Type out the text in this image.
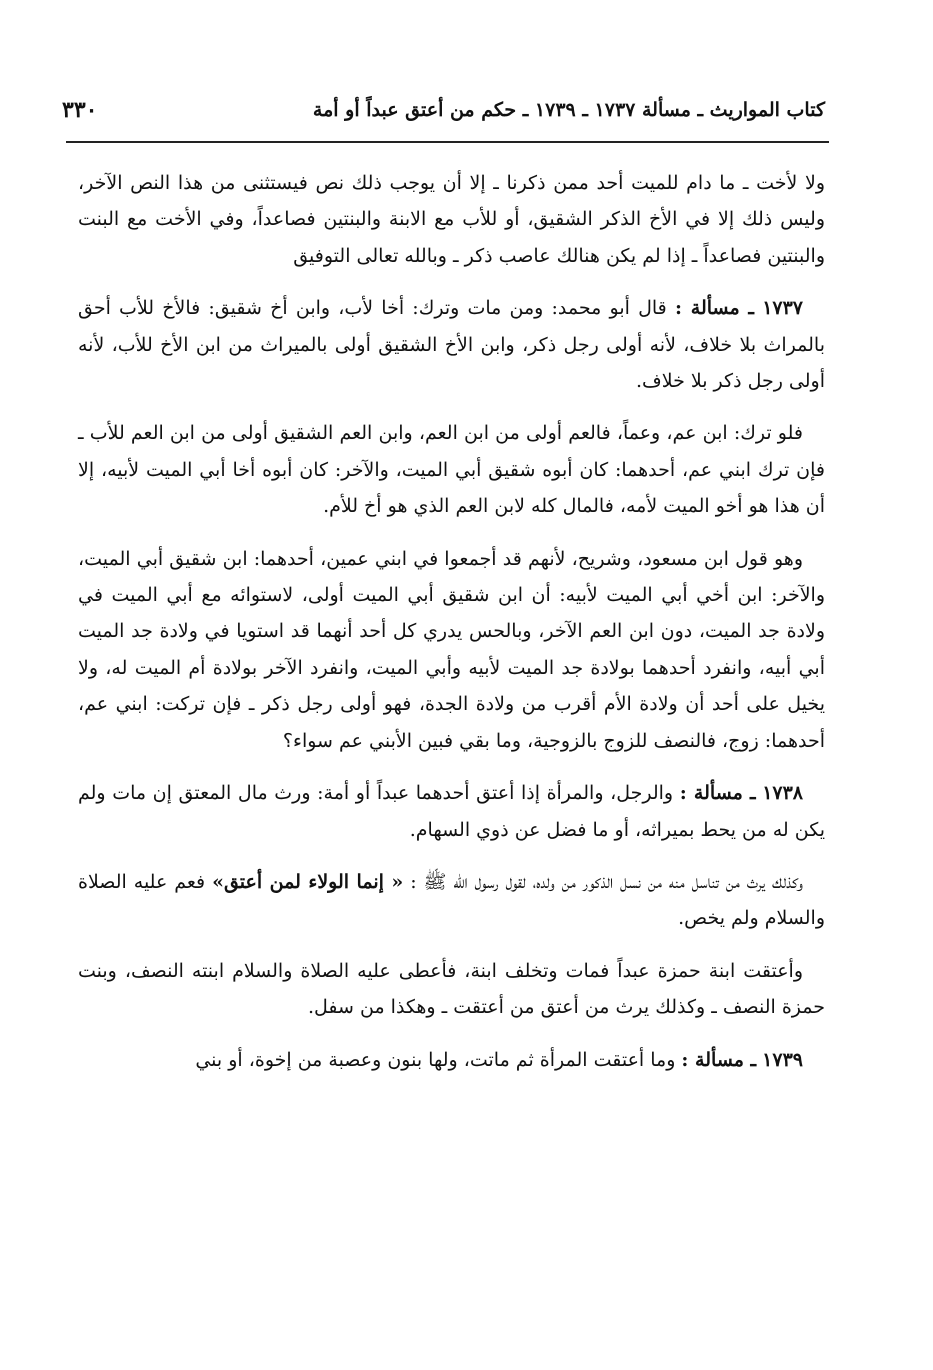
٣٣٠	كتاب المواريث ـ مسألة ١٧٣٧ ـ ١٧٣٩ ـ حكم من أعتق عبداً أو أمة

ولا لأخت ـ ما دام للميت أحد ممن ذكرنا ـ إلا أن يوجب ذلك نص فيستثنى من هذا النص الآخر، وليس ذلك إلا في الأخ الذكر الشقيق، أو للأب مع الابنة والبنتين فصاعداً، وفي الأخت مع البنت والبنتين فصاعداً ـ إذا لم يكن هنالك عاصب ذكر ـ وبالله تعالى التوفيق

١٧٣٧ ـ مسألة : قال أبو محمد: ومن مات وترك: أخا لأب، وابن أخ شقيق: فالأخ للأب أحق بالمراث بلا خلاف، لأنه أولى رجل ذكر، وابن الأخ الشقيق أولى بالميراث من ابن الأخ للأب، لأنه أولى رجل ذكر بلا خلاف.

فلو ترك: ابن عم، وعماً، فالعم أولى من ابن العم، وابن العم الشقيق أولى من ابن العم للأب ـ فإن ترك ابني عم، أحدهما: كان أبوه شقيق أبي الميت، والآخر: كان أبوه أخا أبي الميت لأبيه، إلا أن هذا هو أخو الميت لأمه، فالمال كله لابن العم الذي هو أخ للأم.

وهو قول ابن مسعود، وشريح، لأنهم قد أجمعوا في ابني عمين، أحدهما: ابن شقيق أبي الميت، والآخر: ابن أخي أبي الميت لأبيه: أن ابن شقيق أبي الميت أولى، لاستوائه مع أبي الميت في ولادة جد الميت، دون ابن العم الآخر، وبالحس يدري كل أحد أنهما قد استويا في ولادة جد الميت أبي أبيه، وانفرد أحدهما بولادة جد الميت لأبيه وأبي الميت، وانفرد الآخر بولادة أم الميت له، ولا يخيل على أحد أن ولادة الأم أقرب من ولادة الجدة، فهو أولى رجل ذكر ـ فإن تركت: ابني عم، أحدهما: زوج، فالنصف للزوج بالزوجية، وما بقي فبين الأبني عم سواء؟

١٧٣٨ ـ مسألة : والرجل، والمرأة إذا أعتق أحدهما عبداً أو أمة: ورث مال المعتق إن مات ولم يكن له من يحط بميراثه، أو ما فضل عن ذوي السهام.

وكذلك يرث من تناسل منه من نسل الذكور من ولده، لقول رسول الله ﷺ : « إنما الولاء لمن أعتق» فعم عليه الصلاة والسلام ولم يخص.

وأعتقت ابنة حمزة عبداً فمات وتخلف ابنة، فأعطى عليه الصلاة والسلام ابنته النصف، وبنت حمزة النصف ـ وكذلك يرث من أعتق من أعتقت ـ وهكذا من سفل.

١٧٣٩ ـ مسألة : وما أعتقت المرأة ثم ماتت، ولها بنون وعصبة من إخوة، أو بني
